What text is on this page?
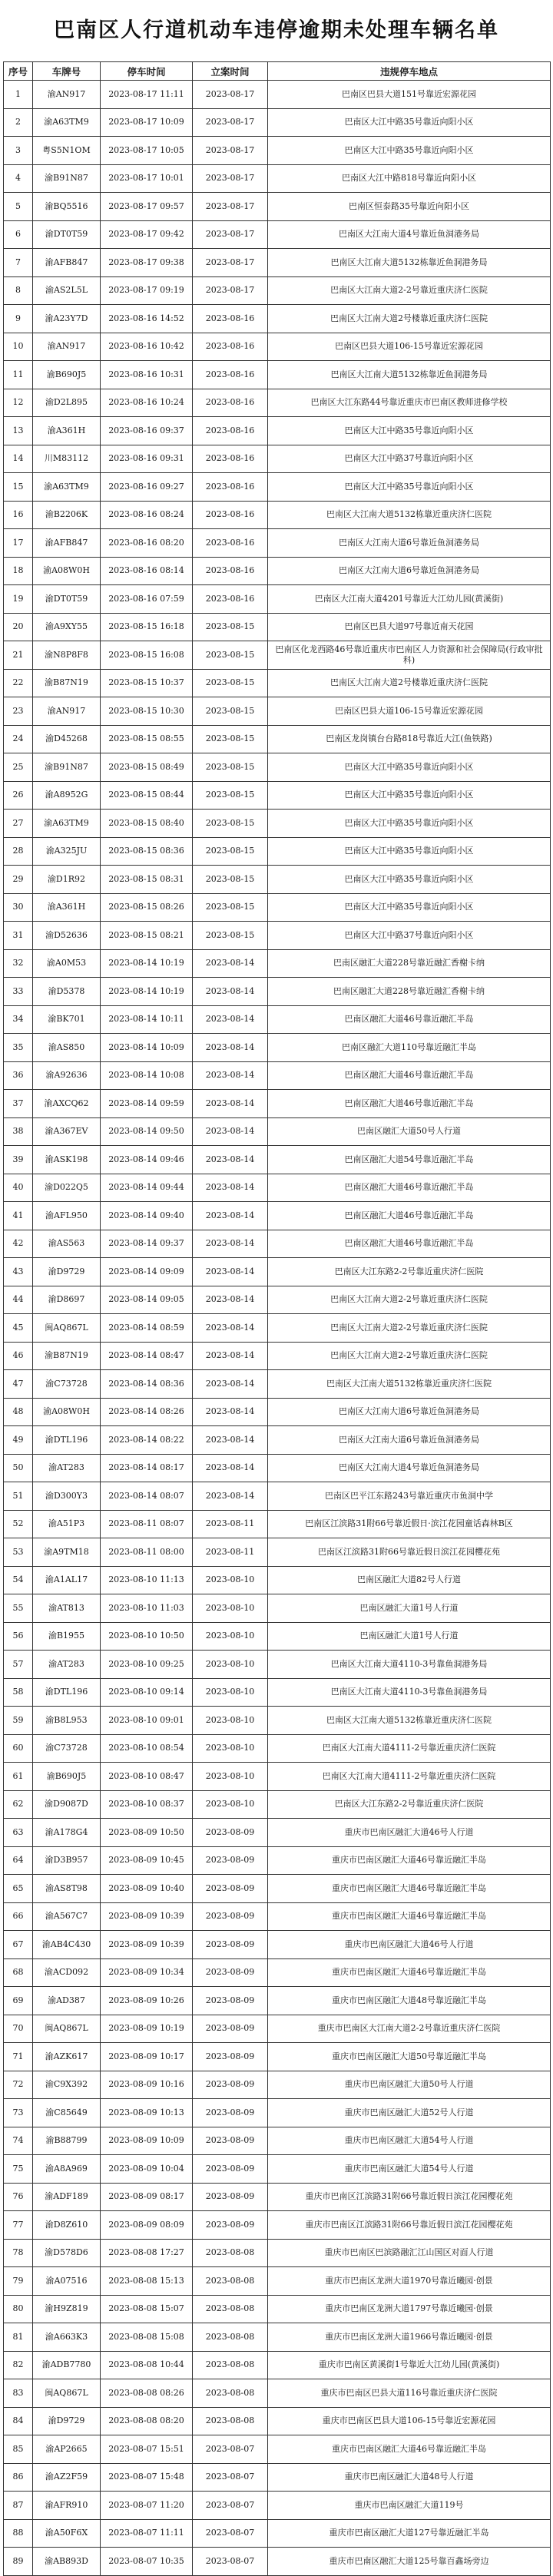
巴南区人行道机动车违停逾期未处理车辆名单
序号	车牌号	停车时间	立案时间	违规停车地点
1	渝AN917	2023-08-17 11:11	2023-08-17	巴南区巴县大道151号靠近宏源花园
2	渝A63TM9	2023-08-17 10:09	2023-08-17	巴南区大江中路35号靠近向阳小区
3	粤S5N1OM	2023-08-17 10:05	2023-08-17	巴南区大江中路35号靠近向阳小区
4	渝B91N87	2023-08-17 10:01	2023-08-17	巴南区大江中路818号靠近向阳小区
5	渝BQ5516	2023-08-17 09:57	2023-08-17	巴南区恒泰路35号靠近向阳小区
6	渝DT0T59	2023-08-17 09:42	2023-08-17	巴南区大江南大道4号靠近鱼洞港务局
7	渝AFB847	2023-08-17 09:38	2023-08-17	巴南区大江南大道5132栋靠近鱼洞港务局
8	渝AS2L5L	2023-08-17 09:19	2023-08-17	巴南区大江南大道2-2号靠近重庆济仁医院
9	渝A23Y7D	2023-08-16 14:52	2023-08-16	巴南区大江南大道2号楼靠近重庆济仁医院
10	渝AN917	2023-08-16 10:42	2023-08-16	巴南区巴县大道106-15号靠近宏源花园
11	渝B690J5	2023-08-16 10:31	2023-08-16	巴南区大江南大道5132栋靠近鱼洞港务局
12	渝D2L895	2023-08-16 10:24	2023-08-16	巴南区大江东路44号靠近重庆市巴南区教师进修学校
13	渝A361H	2023-08-16 09:37	2023-08-16	巴南区大江中路35号靠近向阳小区
14	川M83112	2023-08-16 09:31	2023-08-16	巴南区大江中路37号靠近向阳小区
15	渝A63TM9	2023-08-16 09:27	2023-08-16	巴南区大江中路35号靠近向阳小区
16	渝B2206K	2023-08-16 08:24	2023-08-16	巴南区大江南大道5132栋靠近重庆济仁医院
17	渝AFB847	2023-08-16 08:20	2023-08-16	巴南区大江南大道6号靠近鱼洞港务局
18	渝A08W0H	2023-08-16 08:14	2023-08-16	巴南区大江南大道6号靠近鱼洞港务局
19	渝DT0T59	2023-08-16 07:59	2023-08-16	巴南区大江南大道4201号靠近大江幼儿园(黄溪街)
20	渝A9XY55	2023-08-15 16:18	2023-08-15	巴南区巴县大道97号靠近南天花园
21	渝N8P8F8	2023-08-15 16:08	2023-08-15	巴南区化龙西路46号靠近重庆市巴南区人力资源和社会保障局(行政审批科)
22	渝B87N19	2023-08-15 10:37	2023-08-15	巴南区大江南大道2号楼靠近重庆济仁医院
23	渝AN917	2023-08-15 10:30	2023-08-15	巴南区巴县大道106-15号靠近宏源花园
24	渝D45268	2023-08-15 08:55	2023-08-15	巴南区龙岗镇台台路818号靠近大江(鱼铁路)
25	渝B91N87	2023-08-15 08:49	2023-08-15	巴南区大江中路35号靠近向阳小区
26	渝A8952G	2023-08-15 08:44	2023-08-15	巴南区大江中路35号靠近向阳小区
27	渝A63TM9	2023-08-15 08:40	2023-08-15	巴南区大江中路35号靠近向阳小区
28	渝A325JU	2023-08-15 08:36	2023-08-15	巴南区大江中路35号靠近向阳小区
29	渝D1R92	2023-08-15 08:31	2023-08-15	巴南区大江中路35号靠近向阳小区
30	渝A361H	2023-08-15 08:26	2023-08-15	巴南区大江中路35号靠近向阳小区
31	渝D52636	2023-08-15 08:21	2023-08-15	巴南区大江中路37号靠近向阳小区
32	渝A0M53	2023-08-14 10:19	2023-08-14	巴南区融汇大道228号靠近融汇香榭卡纳
33	渝D5378	2023-08-14 10:19	2023-08-14	巴南区融汇大道228号靠近融汇香榭卡纳
34	渝BK701	2023-08-14 10:11	2023-08-14	巴南区融汇大道46号靠近融汇半岛
35	渝AS850	2023-08-14 10:09	2023-08-14	巴南区融汇大道110号靠近融汇半岛
36	渝A92636	2023-08-14 10:08	2023-08-14	巴南区融汇大道46号靠近融汇半岛
37	渝AXCQ62	2023-08-14 09:59	2023-08-14	巴南区融汇大道46号靠近融汇半岛
38	渝A367EV	2023-08-14 09:50	2023-08-14	巴南区融汇大道50号人行道
39	渝ASK198	2023-08-14 09:46	2023-08-14	巴南区融汇大道54号靠近融汇半岛
40	渝D022Q5	2023-08-14 09:44	2023-08-14	巴南区融汇大道46号靠近融汇半岛
41	渝AFL950	2023-08-14 09:40	2023-08-14	巴南区融汇大道46号靠近融汇半岛
42	渝AS563	2023-08-14 09:37	2023-08-14	巴南区融汇大道46号靠近融汇半岛
43	渝D9729	2023-08-14 09:09	2023-08-14	巴南区大江东路2-2号靠近重庆济仁医院
44	渝D8697	2023-08-14 09:05	2023-08-14	巴南区大江南大道2-2号靠近重庆济仁医院
45	闽AQ867L	2023-08-14 08:59	2023-08-14	巴南区大江南大道2-2号靠近重庆济仁医院
46	渝B87N19	2023-08-14 08:47	2023-08-14	巴南区大江南大道2-2号靠近重庆济仁医院
47	渝C73728	2023-08-14 08:36	2023-08-14	巴南区大江南大道5132栋靠近重庆济仁医院
48	渝A08W0H	2023-08-14 08:26	2023-08-14	巴南区大江南大道6号靠近鱼洞港务局
49	渝DTL196	2023-08-14 08:22	2023-08-14	巴南区大江南大道6号靠近鱼洞港务局
50	渝AT283	2023-08-14 08:17	2023-08-14	巴南区大江南大道4号靠近鱼洞港务局
51	渝D300Y3	2023-08-14 08:07	2023-08-14	巴南区巴平江东路243号靠近重庆市鱼洞中学
52	渝A51P3	2023-08-11 08:07	2023-08-11	巴南区江滨路31附66号靠近假日·滨江花园童话森林B区
53	渝A9TM18	2023-08-11 08:00	2023-08-11	巴南区江滨路31附66号靠近假日滨江花园樱花苑
54	渝A1AL17	2023-08-10 11:13	2023-08-10	巴南区融汇大道82号人行道
55	渝AT813	2023-08-10 11:03	2023-08-10	巴南区融汇大道1号人行道
56	渝B1955	2023-08-10 10:50	2023-08-10	巴南区融汇大道1号人行道
57	渝AT283	2023-08-10 09:25	2023-08-10	巴南区大江南大道4110-3号靠鱼洞港务局
58	渝DTL196	2023-08-10 09:14	2023-08-10	巴南区大江南大道4110-3号靠鱼洞港务局
59	渝B8L953	2023-08-10 09:01	2023-08-10	巴南区大江南大道5132栋靠近重庆济仁医院
60	渝C73728	2023-08-10 08:54	2023-08-10	巴南区大江南大道4111-2号靠近重庆济仁医院
61	渝B690J5	2023-08-10 08:47	2023-08-10	巴南区大江南大道4111-2号靠近重庆济仁医院
62	渝D9087D	2023-08-10 08:37	2023-08-10	巴南区大江东路2-2号靠近重庆济仁医院
63	渝A178G4	2023-08-09 10:50	2023-08-09	重庆市巴南区融汇大道46号人行道
64	渝D3B957	2023-08-09 10:45	2023-08-09	重庆市巴南区融汇大道46号靠近融汇半岛
65	渝AS8T98	2023-08-09 10:40	2023-08-09	重庆市巴南区融汇大道46号靠近融汇半岛
66	渝A567C7	2023-08-09 10:39	2023-08-09	重庆市巴南区融汇大道46号靠近融汇半岛
67	渝AB4C430	2023-08-09 10:39	2023-08-09	重庆市巴南区融汇大道46号人行道
68	渝ACD092	2023-08-09 10:34	2023-08-09	重庆市巴南区融汇大道46号靠近融汇半岛
69	渝AD387	2023-08-09 10:26	2023-08-09	重庆市巴南区融汇大道48号靠近融汇半岛
70	闽AQ867L	2023-08-09 10:19	2023-08-09	重庆市巴南区大江南大道2-2号靠近重庆济仁医院
71	渝AZK617	2023-08-09 10:17	2023-08-09	重庆市巴南区融汇大道50号靠近融汇半岛
72	渝C9X392	2023-08-09 10:16	2023-08-09	重庆市巴南区融汇大道50号人行道
73	渝C85649	2023-08-09 10:13	2023-08-09	重庆市巴南区融汇大道52号人行道
74	渝B88799	2023-08-09 10:09	2023-08-09	重庆市巴南区融汇大道54号人行道
75	渝A8A969	2023-08-09 10:04	2023-08-09	重庆市巴南区融汇大道54号人行道
76	渝ADF189	2023-08-09 08:17	2023-08-09	重庆市巴南区江滨路31附66号靠近假日滨江花园樱花苑
77	渝D8Z610	2023-08-09 08:09	2023-08-09	重庆市巴南区江滨路31附66号靠近假日滨江花园樱花苑
78	渝D578D6	2023-08-08 17:27	2023-08-08	重庆市巴南区巴滨路融汇江山国区对面人行道
79	渝A07516	2023-08-08 15:13	2023-08-08	重庆市巴南区龙洲大道1970号靠近曦园·创景
80	渝H9Z819	2023-08-08 15:07	2023-08-08	重庆市巴南区龙洲大道1797号靠近曦园·创景
81	渝A663K3	2023-08-08 15:08	2023-08-08	重庆市巴南区龙洲大道1966号靠近曦园·创景
82	渝ADB7780	2023-08-08 10:44	2023-08-08	重庆市巴南区黄溪街1号靠近大江幼儿园(黄溪街)
83	闽AQ867L	2023-08-08 08:26	2023-08-08	重庆市巴南区巴县大道116号靠近重庆济仁医院
84	渝D9729	2023-08-08 08:20	2023-08-08	重庆市巴南区巴县大道106-15号靠近宏源花园
85	渝AP2665	2023-08-07 15:51	2023-08-07	重庆市巴南区融汇大道46号靠近融汇半岛
86	渝AZ2F59	2023-08-07 15:48	2023-08-07	重庆市巴南区融汇大道48号人行道
87	渝AFR910	2023-08-07 11:20	2023-08-07	重庆市巴南区融汇大道119号
88	渝A50F6X	2023-08-07 11:11	2023-08-07	重庆市巴南区融汇大道127号靠近融汇半岛
89	渝AB893D	2023-08-07 10:35	2023-08-07	重庆市巴南区融汇大道125号靠百鑫场旁边
